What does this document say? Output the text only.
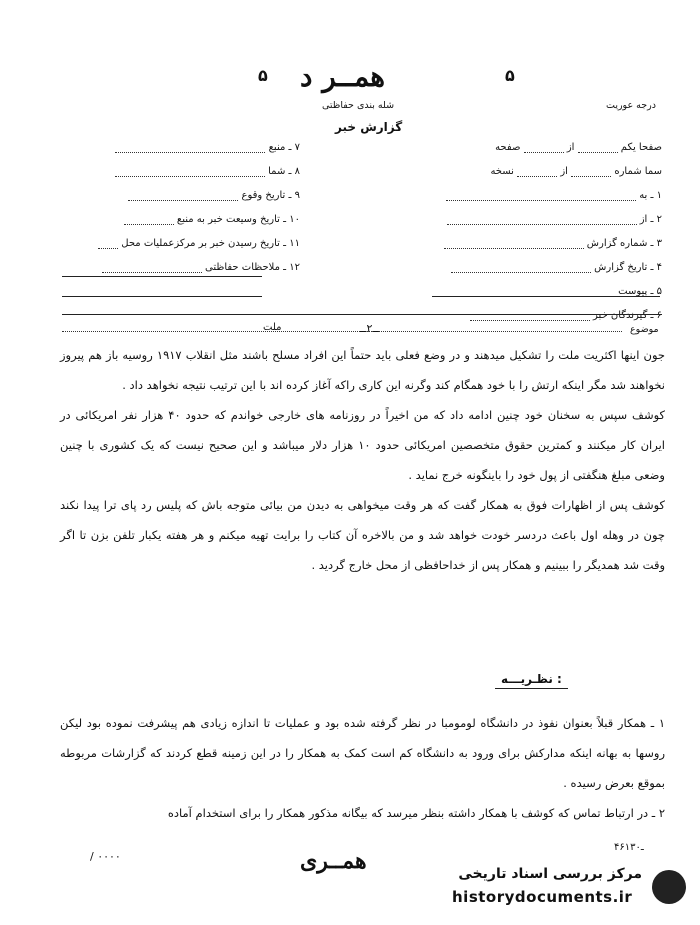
همــر د
۵	۵
درجه عوریت
شله بندی حفاظتی
گزارش خبر
۷ ـ منبع
۸ ـ شما
۹ ـ تاریخ وقوع
۱۰ ـ تاریخ وسیعت خبر به منبع
۱۱ ـ تاریخ رسیدن خبر بر مرکزعملیات محل
۱۲ ـ ملاحظات حفاظتی
صفحا یکم  از  صفحه
سما شماره  از  نسخه
۱ ـ به
۲ ـ از
۳ ـ شماره گزارش
۴ ـ تاریخ گزارش
۵ ـ پیوست
۶ ـ گیرندگان خبر
موضوع
ــ۲ــ
ملت

جون اینها اکثریت ملت را تشکیل میدهند و در وضع فعلی باید حتماً این افراد مسلح باشند مثل انقلاب ۱۹۱۷ روسیه باز هم پیروز نخواهند شد مگر اینکه ارتش را با خود همگام کند وگرنه این کاری راکه آغاز کرده اند با این ترتیب نتیجه نخواهد داد .

کوشف سپس به سخنان خود چنین ادامه داد که من اخیراً در روزنامه های خارجی خواندم که حدود ۴۰ هزار نفر امریکائی در ایران کار میکنند و کمترین حقوق متخصصین امریکائی حدود ۱۰ هزار دلار میباشد و این صحیح نیست که یک کشوری با چنین وضعی مبلغ هنگفتی از پول خود را باینگونه خرج نماید .

کوشف پس از اظهارات فوق به همکار گفت که هر وقت میخواهی به دیدن من بیائی متوجه باش که پلیس رد پای ترا پیدا نکند چون در وهله اول باعث دردسر خودت خواهد شد و من بالاخره آن کتاب را برایت تهیه میکنم و هر هفته یکبار تلفن بزن تا اگر وقت شد همدیگر را ببینیم و همکار پس از خداحافظی از محل خارج گردید .

نظـریـــه :

۱ ـ همکار قبلاً بعنوان نفوذ در دانشگاه لومومبا در نظر گرفته شده بود و عملیات تا اندازه زیادی هم پیشرفت نموده بود لیکن روسها به بهانه اینکه مدارکش برای ورود به دانشگاه کم است کمک به همکار را در این زمینه قطع کردند که گزارشات مربوطه بموقع بعرض رسیده .

۲ ـ در ارتباط تماس که کوشف با همکار داشته بنظر میرسد که بیگانه مذکور همکار را برای استخدام آماده

۴۶ـ۱۳۰
/ ۰۰۰۰	همــری	مرکز بررسی اسناد تاریخی
historydocuments.ir
